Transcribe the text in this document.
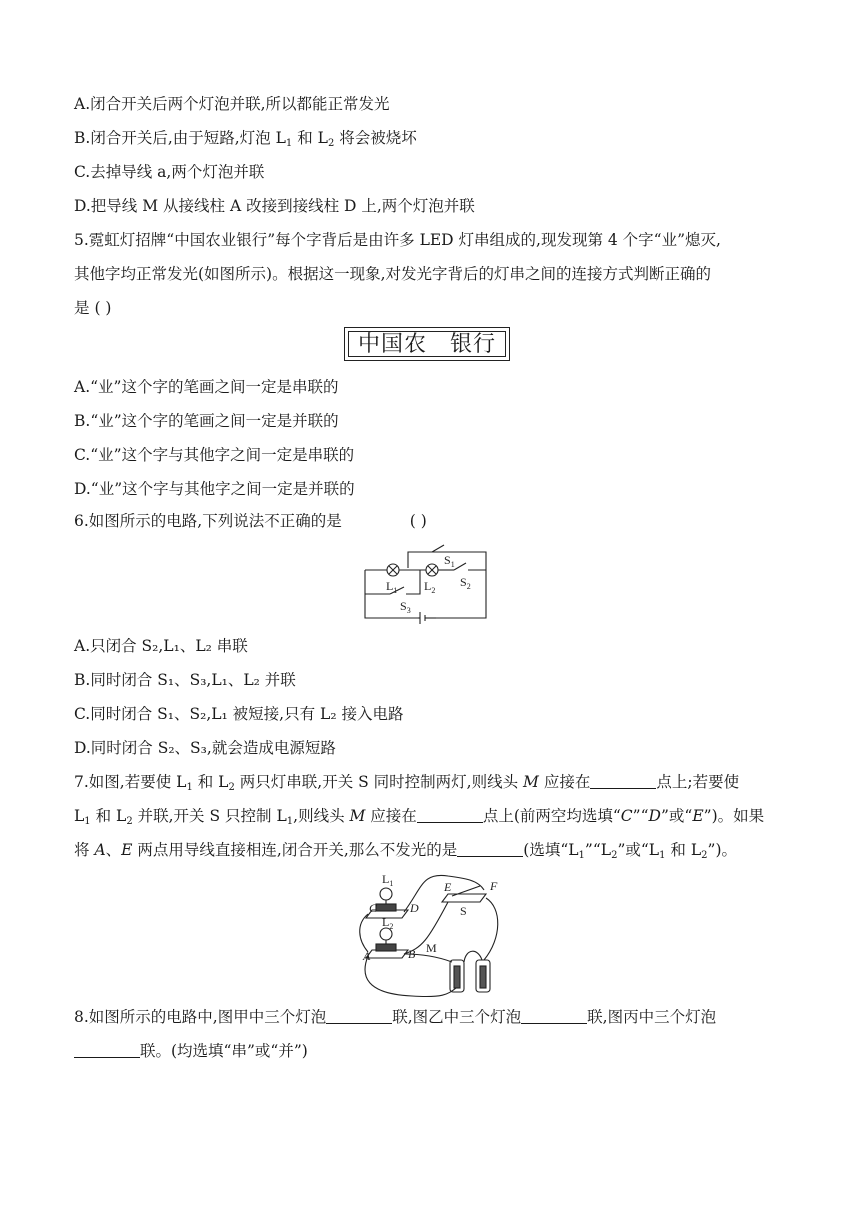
A.闭合开关后两个灯泡并联,所以都能正常发光
B.闭合开关后,由于短路,灯泡 $L_1$ 和 $L_2$ 将会被烧坏
C.去掉导线 a,两个灯泡并联
D.把导线 M 从接线柱 A 改接到接线柱 D 上,两个灯泡并联
5.霓虹灯招牌“中国农业银行”每个字背后是由许多 LED 灯串组成的,现发现第 4 个字“业”熄灭,
其他字均正常发光(如图所示)。根据这一现象,对发光字背后的灯串之间的连接方式判断正确的
是 ( )
中国农　银行
A.“业”这个字的笔画之间一定是串联的
B.“业”这个字的笔画之间一定是并联的
C.“业”这个字与其他字之间一定是串联的
D.“业”这个字与其他字之间一定是并联的
6.如图所示的电路,下列说法不正确的是	( )
$S_1$
$S_2$
$L_1$ $L_2$
$S_3$
A.只闭合 S₂,L₁、L₂ 串联
B.同时闭合 S₁、S₃,L₁、L₂ 并联
C.同时闭合 S₁、S₂,L₁ 被短接,只有 L₂ 接入电路
D.同时闭合 S₂、S₃,就会造成电源短路
7.如图,若要使 $L_1$ 和 $L_2$ 两只灯串联,开关 S 同时控制两灯,则线头 M 应接在	点上;若要使
$L_1$ 和 $L_2$ 并联,开关 S 只控制 $L_1$,则线头 M 应接在	点上(前两空均选填“C”“D”或“E”)。如果
将 A、E 两点用导线直接相连,闭合开关,那么不发光的是	(选填“$L_1”“L_2$”或“$L_1$ 和 $L_2$”)。
$L_1$
C	D
$L_2$
A	B M
E	F
S
8.如图所示的电路中,图甲中三个灯泡	联,图乙中三个灯泡	联,图丙中三个灯泡
联。(均选填“串”或“并”)
